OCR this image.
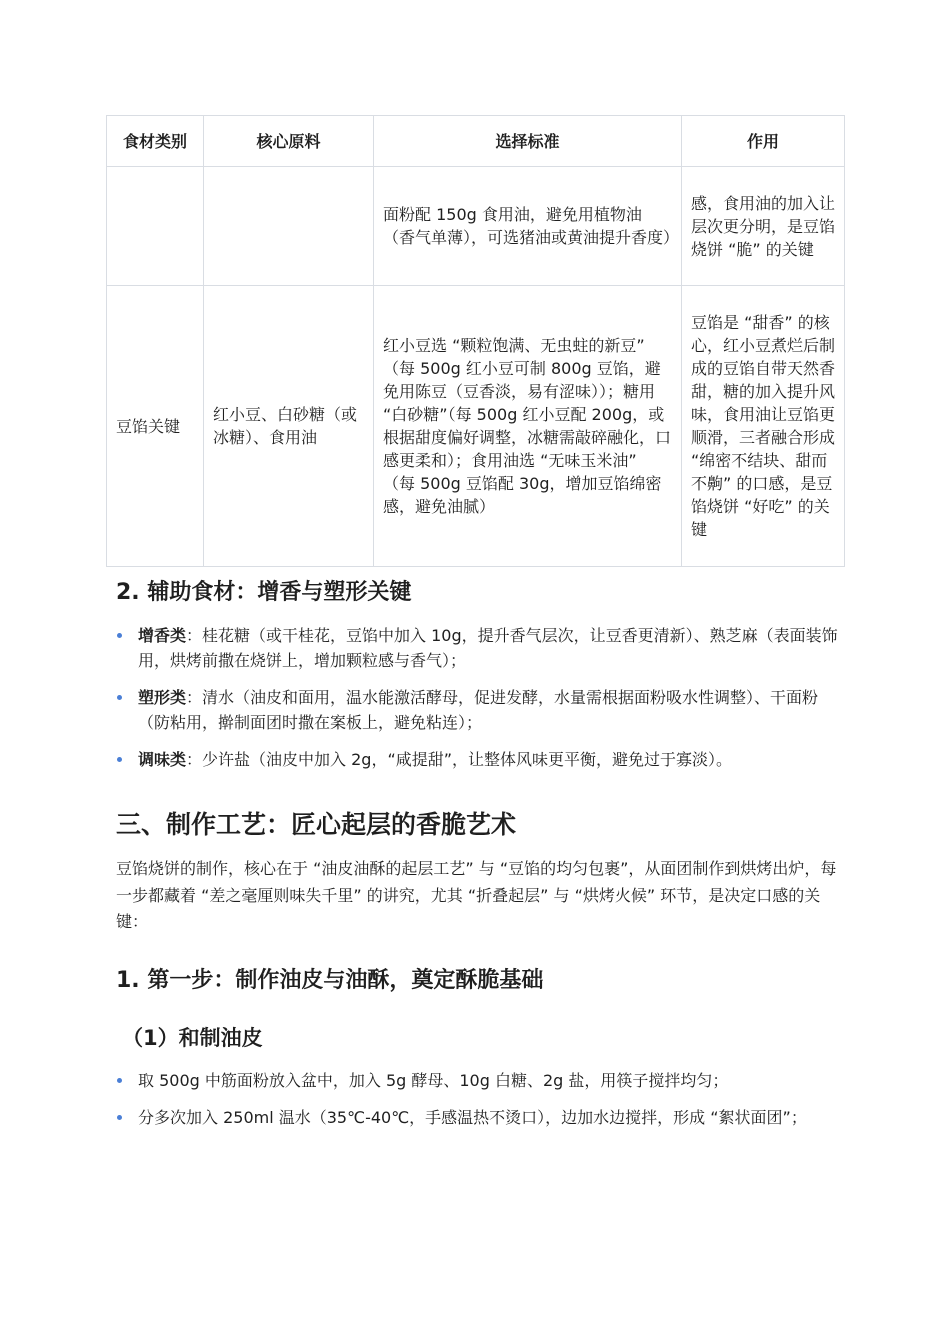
食材类别	核心原料	选择标准	作用

		面粉配 150g 食用油，避免用植物油（香气单薄），可选猪油或黄油提升香度）	感，食用油的加入让层次更分明，是豆馅烧饼 “脆” 的关键

豆馅关键	红小豆、白砂糖（或冰糖）、食用油	红小豆选 “颗粒饱满、无虫蛀的新豆” （每 500g 红小豆可制 800g 豆馅，避免用陈豆（豆香淡，易有涩味））；糖用 “白砂糖”（每 500g 红小豆配 200g，或根据甜度偏好调整，冰糖需敲碎融化，口感更柔和）；食用油选 “无味玉米油” （每 500g 豆馅配 30g，增加豆馅绵密感，避免油腻）	豆馅是 “甜香” 的核心，红小豆煮烂后制成的豆馅自带天然香甜，糖的加入提升风味，食用油让豆馅更顺滑，三者融合形成 “绵密不结块、甜而不齁” 的口感，是豆馅烧饼 “好吃” 的关键
2. 辅助食材：增香与塑形关键
增香类：桂花糖（或干桂花，豆馅中加入 10g，提升香气层次，让豆香更清新）、熟芝麻（表面装饰用，烘烤前撒在烧饼上，增加颗粒感与香气）；
塑形类：清水（油皮和面用，温水能激活酵母，促进发酵，水量需根据面粉吸水性调整）、干面粉（防粘用，擀制面团时撒在案板上，避免粘连）；
调味类：少许盐（油皮中加入 2g，“咸提甜”，让整体风味更平衡，避免过于寡淡）。
三、制作工艺：匠心起层的香脆艺术
豆馅烧饼的制作，核心在于 “油皮油酥的起层工艺” 与 “豆馅的均匀包裹”，从面团制作到烘烤出炉，每一步都藏着 “差之毫厘则味失千里” 的讲究，尤其 “折叠起层” 与 “烘烤火候” 环节，是决定口感的关键：
1. 第一步：制作油皮与油酥，奠定酥脆基础
（1）和制油皮
取 500g 中筋面粉放入盆中，加入 5g 酵母、10g 白糖、2g 盐，用筷子搅拌均匀；
分多次加入 250ml 温水（35℃-40℃，手感温热不烫口），边加水边搅拌，形成 “絮状面团”；
